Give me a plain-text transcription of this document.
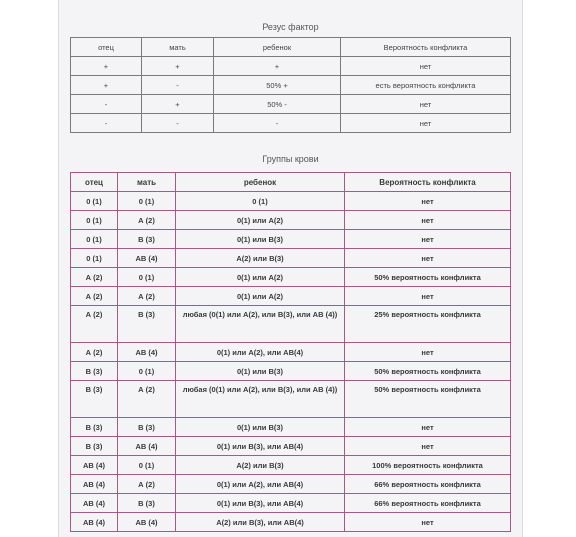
Резус фактор
отец	мать	ребенок	Вероятность конфликта
+	+	+	нет
+	-	50% +	есть вероятность конфликта
-	+	50% -	нет
-	-	-	нет
Группы крови
отец	мать	ребенок	Вероятность конфликта
0 (1)	0 (1)	0 (1)	нет
0 (1)	А (2)	0(1) или А(2)	нет
0 (1)	В (3)	0(1) или В(3)	нет
0 (1)	АВ (4)	А(2) или В(3)	нет
А (2)	0 (1)	0(1) или А(2)	50% вероятность конфликта
А (2)	А (2)	0(1) или А(2)	нет
А (2)	В (3)	любая (0(1) или А(2), или В(3), или АВ (4))	25% вероятность конфликта
А (2)	АВ (4)	0(1) или А(2), или АВ(4)	нет
В (3)	0 (1)	0(1) или В(3)	50% вероятность конфликта
В (3)	А (2)	любая (0(1) или А(2), или В(3), или АВ (4))	50% вероятность конфликта
В (3)	В (3)	0(1) или В(3)	нет
В (3)	АВ (4)	0(1) или В(3), или АВ(4)	нет
АВ (4)	0 (1)	А(2) или В(3)	100% вероятность конфликта
АВ (4)	А (2)	0(1) или А(2), или АВ(4)	66% вероятность конфликта
АВ (4)	В (3)	0(1) или В(3), или АВ(4)	66% вероятность конфликта
АВ (4)	АВ (4)	А(2) или В(3), или АВ(4)	нет
